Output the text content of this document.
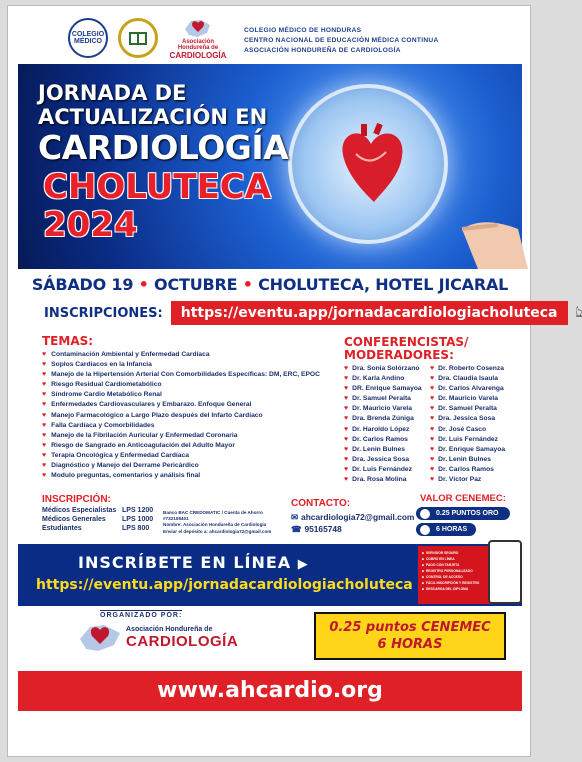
COLEGIO MÉDICO	Asociación Hondureña de
CARDIOLOGÍA
COLEGIO MÉDICO DE HONDURAS
CENTRO NACIONAL DE EDUCACIÓN MÉDICA CONTINUA
ASOCIACIÓN HONDUREÑA DE CARDIOLOGÍA
JORNADA DE
ACTUALIZACIÓN EN
CARDIOLOGÍA
CHOLUTECA
2024
SÁBADO 19 • OCTUBRE • CHOLUTECA, HOTEL JICARAL
INSCRIPCIONES:	https://eventu.app/jornadacardiologiacholuteca	👆︎
TEMAS:
♥ Contaminación Ambiental y Enfermedad Cardíaca
♥ Soplos Cardiacos en la Infancia
♥ Manejo de la Hipertensión Arterial Con Comorbilidades Específicas: DM, ERC, EPOC
♥ Riesgo Residual Cardiometabólico
♥ Síndrome Cardio Metabólico Renal
♥ Enfermedades Cardiovasculares y Embarazo. Enfoque General
♥ Manejo Farmacológico a Largo Plazo después del Infarto Cardíaco
♥ Falla Cardíaca y Comorbilidades
♥ Manejo de la Fibrilación Auricular y Enfermedad Coronaria
♥ Riesgo de Sangrado en Anticoagulación del Adulto Mayor
♥ Terapia Oncológica y Enfermedad Cardíaca
♥ Diagnóstico y Manejo del Derrame Pericárdico
♥ Modulo preguntas, comentarios y análisis final
CONFERENCISTAS/
MODERADORES:
♥ Dra. Sonia Solórzano
♥ Dr. Karla Andino
♥ DR. Enrique Samayoa
♥ Dr. Samuel Peralta
♥ Dr. Mauricio Varela
♥ Dra. Brenda Zúniga
♥ Dr. Haroldo López
♥ Dr. Carlos Ramos
♥ Dr. Lenin Bulnes
♥ Dra. Jessica Sosa
♥ Dr. Luis Fernández
♥ Dra. Rosa Molina
♥ Dr. Roberto Cosenza
♥ Dra. Claudia Isaula
♥ Dr. Carlos Alvarenga
♥ Dr. Mauricio Varela
♥ Dr. Samuel Peralta
♥ Dra. Jessica Sosa
♥ Dr. José Casco
♥ Dr. Luis Fernández
♥ Dr. Enrique Samayoa
♥ Dr. Lenin Bulnes
♥ Dr. Carlos Ramos
♥ Dr. Víctor Paz
INSCRIPCIÓN:
Médicos Especialistas LPS 1200
Médicos Generales	LPS 1000
Estudiantes	LPS 800
Banco BAC CREDOMATIC / Cuenta de Ahorro #732108401
Nombre: Asociación Hondureña de Cardiología
Enviar el depósito a: ahcardiologia72@gmail.com
CONTACTO:
✉ ahcardiologia72@gmail.com
☎ 95165748
VALOR CENEMEC:
0.25 PUNTOS ORO
6 HORAS
INSCRÍBETE EN LÍNEA ▶
https://eventu.app/jornadacardiologiacholuteca
■ SERVIDOR SEGURO
■ COBRO EN LÍNEA
■ PAGO CON TARJETA
■ REGISTRO PERSONALIZADO
■ CONTROL DE ACCESO
■ FÁCIL INSCRIPCIÓN Y REGISTRO
■ DESCARGA DEL DIPLOMA
ORGANIZADO POR:
Asociación Hondureña de
CARDIOLOGÍA
0.25 puntos CENEMEC
6 HORAS
www.ahcardio.org
